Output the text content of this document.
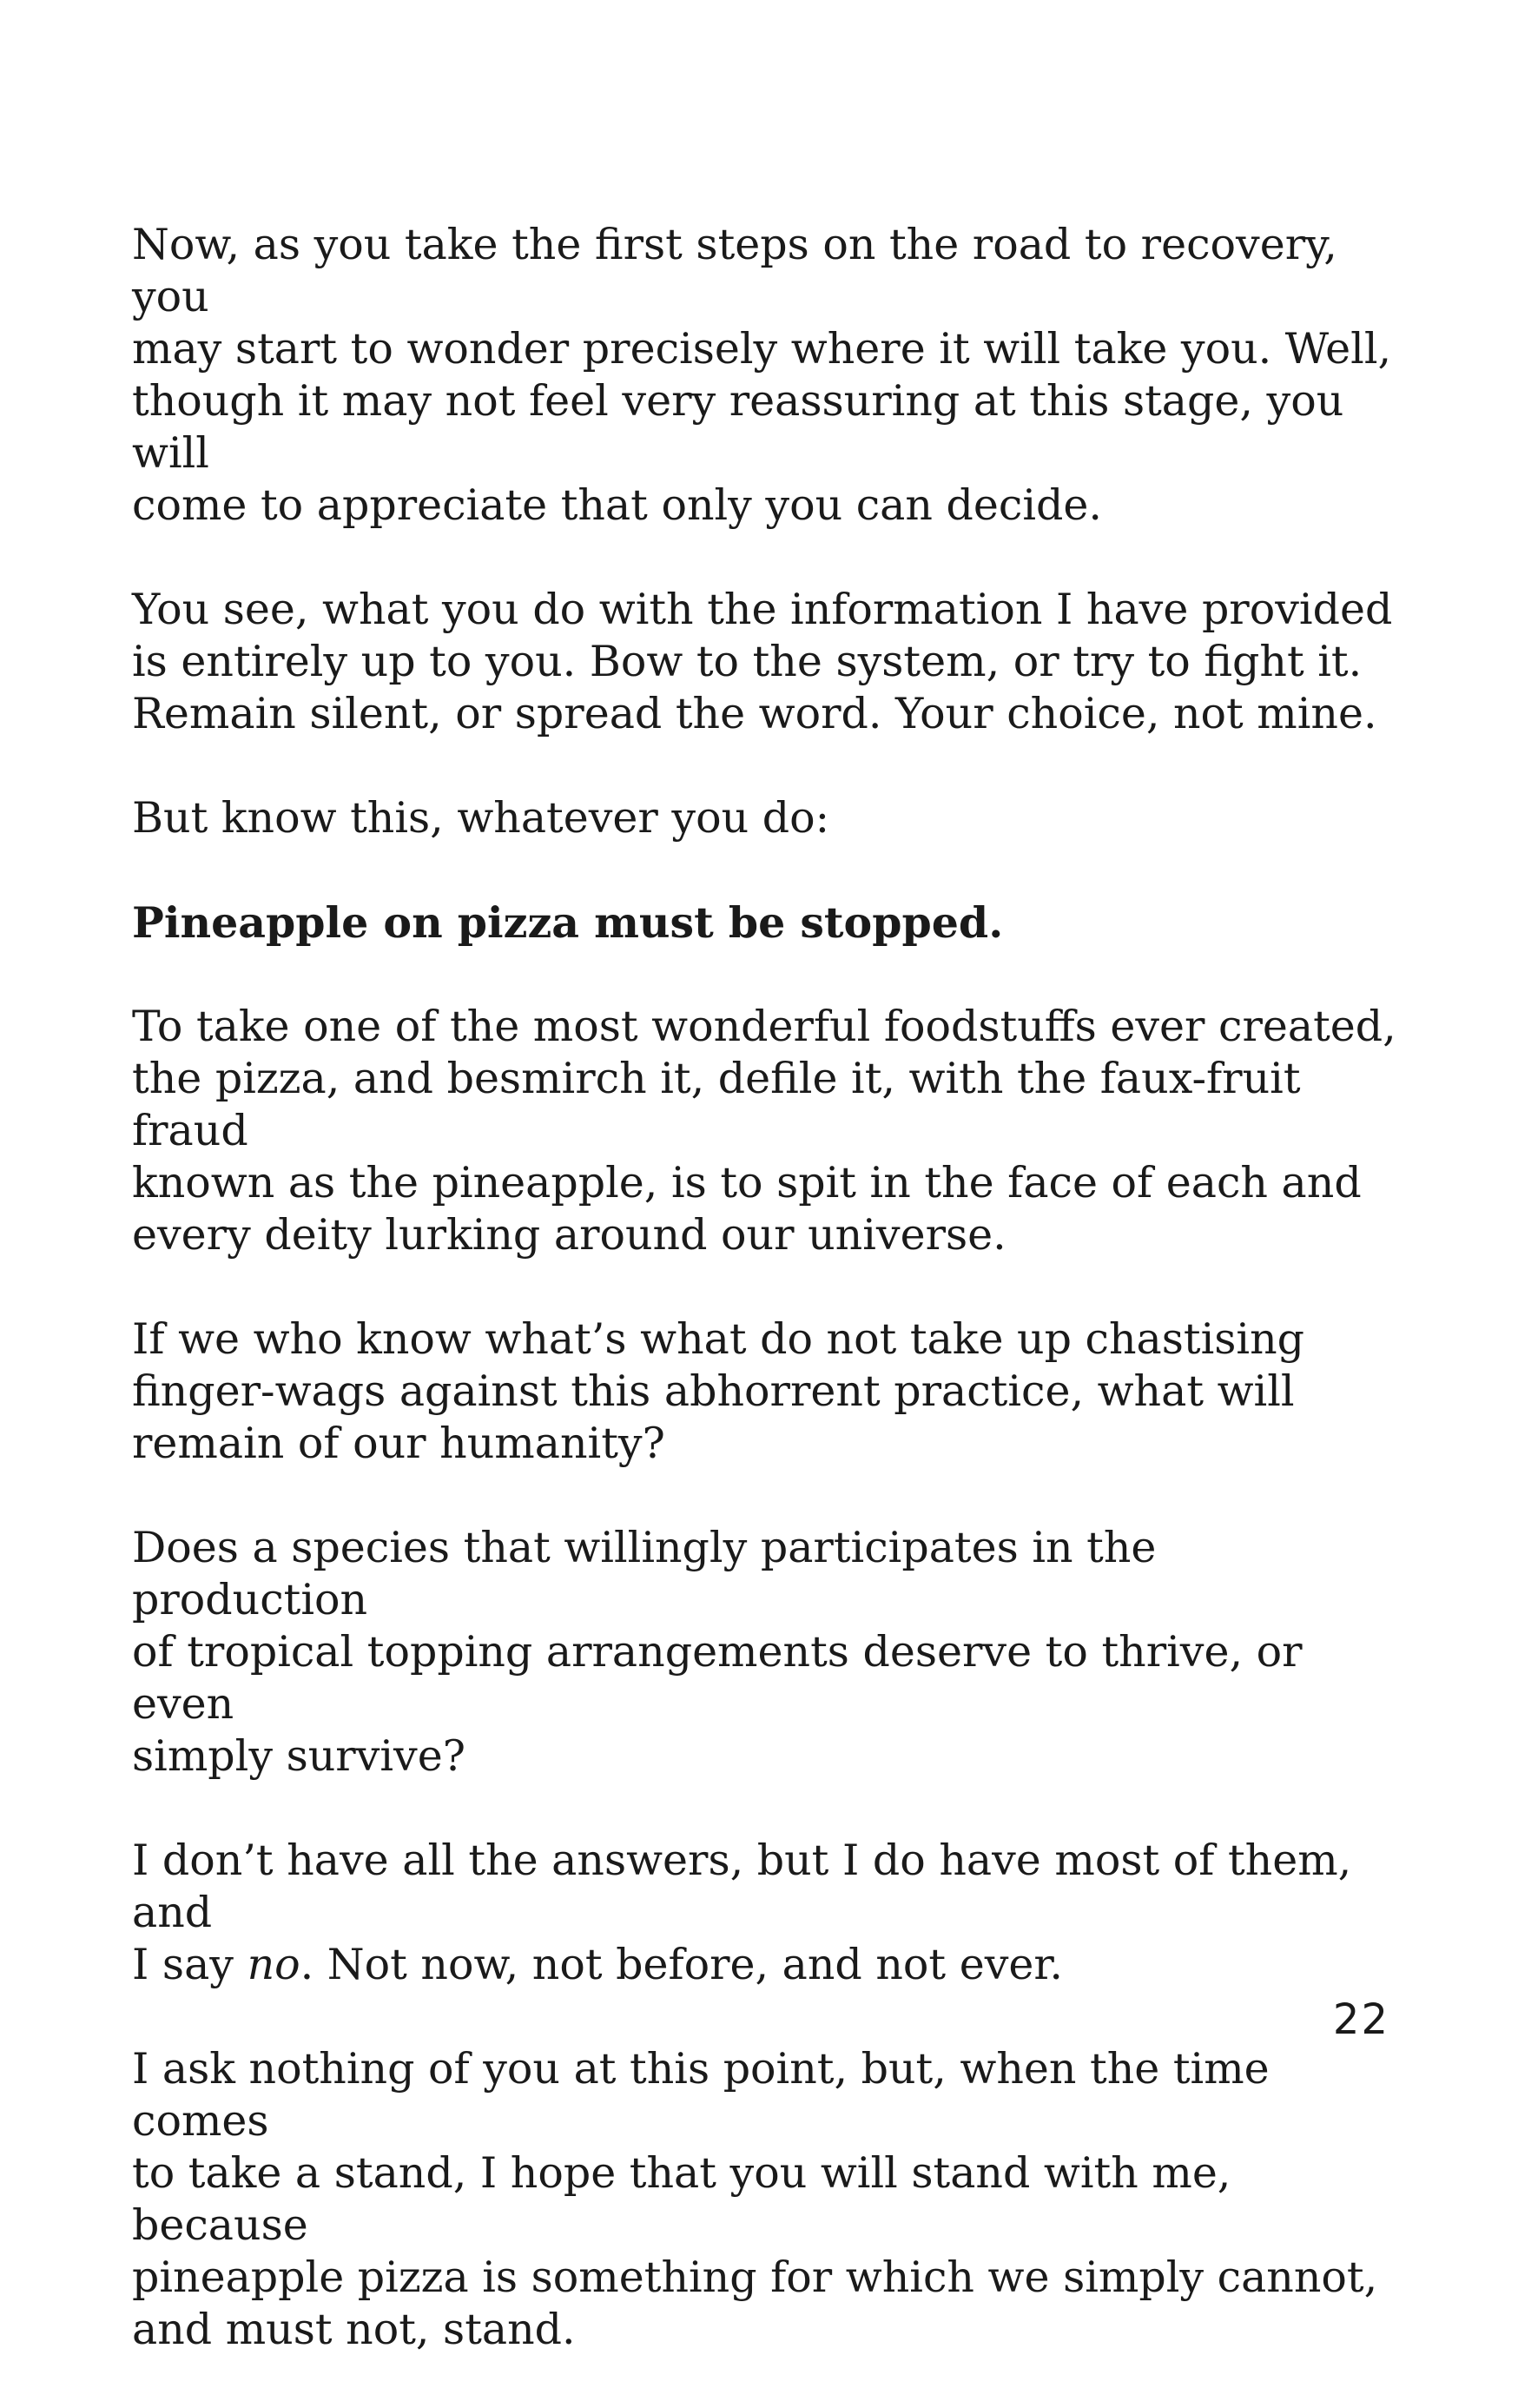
Now, as you take the first steps on the road to recovery, you
may start to wonder precisely where it will take you. Well,
though it may not feel very reassuring at this stage, you will
come to appreciate that only you can decide.

You see, what you do with the information I have provided
is entirely up to you. Bow to the system, or try to fight it.
Remain silent, or spread the word. Your choice, not mine.

But know this, whatever you do:

Pineapple on pizza must be stopped.

To take one of the most wonderful foodstuffs ever created,
the pizza, and besmirch it, defile it, with the faux-fruit fraud
known as the pineapple, is to spit in the face of each and
every deity lurking around our universe.

If we who know what’s what do not take up chastising
finger-wags against this abhorrent practice, what will
remain of our humanity?

Does a species that willingly participates in the production
of tropical topping arrangements deserve to thrive, or even
simply survive?

I don’t have all the answers, but I do have most of them, and
I say no. Not now, not before, and not ever.

I ask nothing of you at this point, but, when the time comes
to take a stand, I hope that you will stand with me, because
pineapple pizza is something for which we simply cannot,
and must not, stand.

22
